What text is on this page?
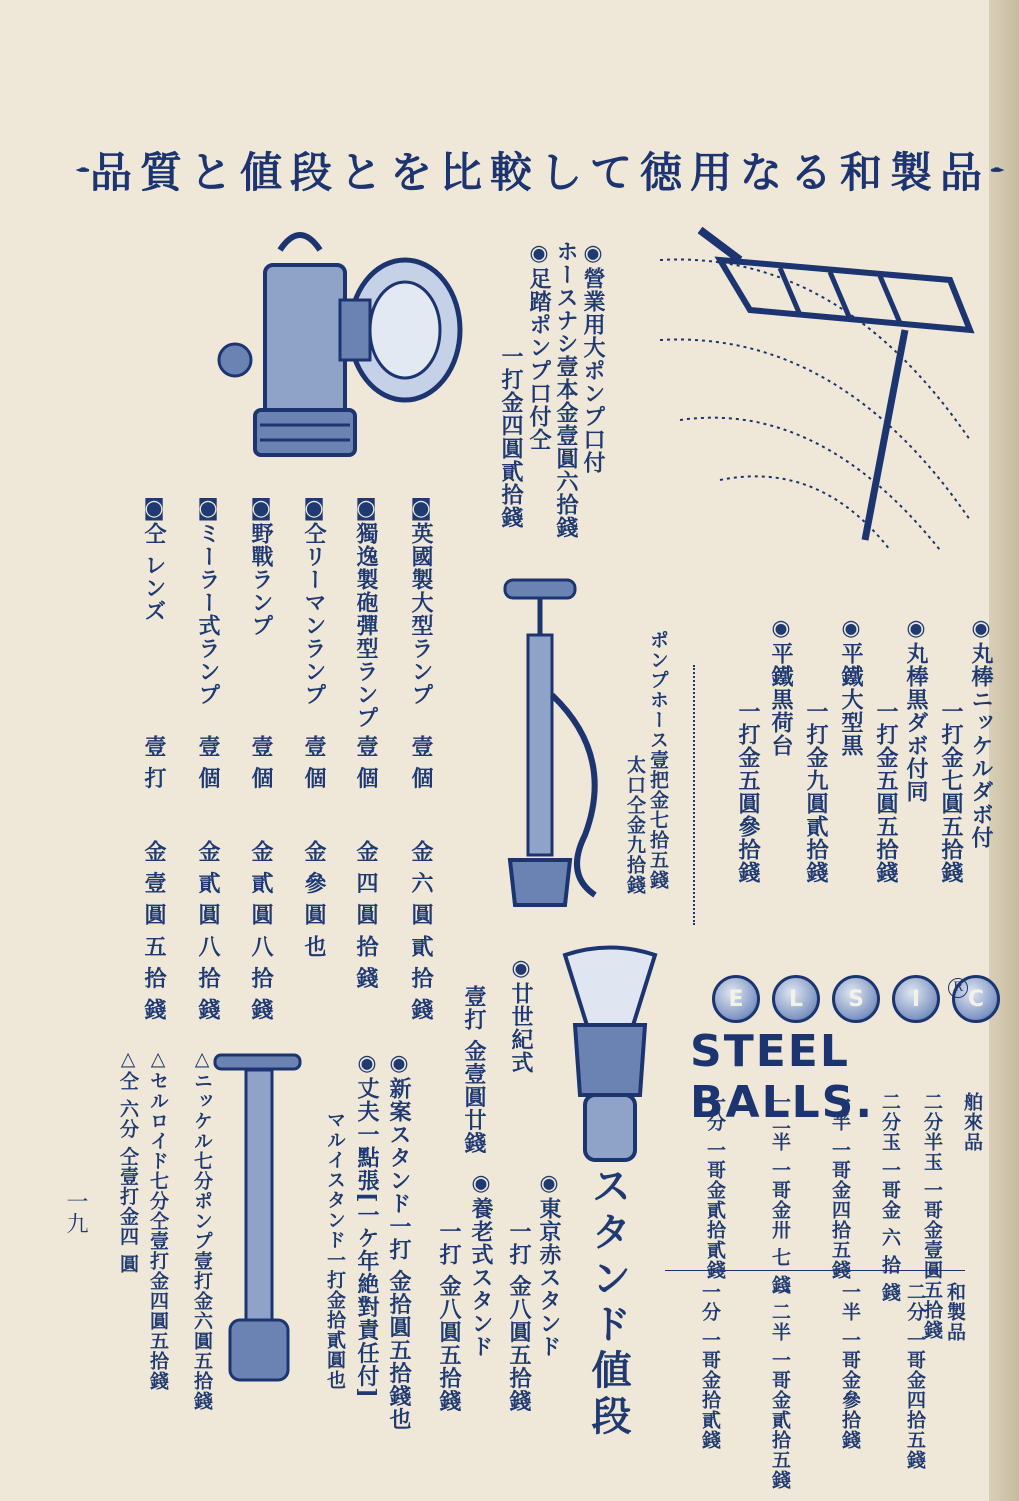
品質と値段とを比較して徳用なる和製品
◉營業用大ポンプ口付
ホースナシ壹本金壹圓六拾錢
◉足踏ポンプ口付仝
一打金四圓貳拾錢
ポンプホース壹把金七拾五錢
太口仝金九拾錢	◉丸棒ニッケルダボ付
一打金七圓五拾錢
◉丸棒黒ダボ付同
一打金五圓五拾錢
◉平鐵大型黒
一打金九圓貳拾錢
◉平鐵黒荷台
一打金五圓參拾錢
◙英國製大型ランプ
壹 個
金 六 圓 貳 拾 錢
◙獨逸製砲彈型ランプ
壹 個
金 四 圓 拾 錢
◙仝リーマンランプ
壹 個
金 參 圓 也
◙野戰ランプ
壹 個
金 貳 圓 八 拾 錢
◙ミーラー式ランプ
壹 個
金 貳 圓 八 拾 錢
◙仝 レンズ
壹 打
金 壹 圓 五 拾 錢	◉廿世紀式
壹打 金壹圓廿錢
スタンド値段
◉東京赤スタンド
一打 金八圓五拾錢
◉養老式スタンド
一打 金八圓五拾錢
◉新案スタンド一打 金拾圓五拾錢也
◉丈夫一點張[一ケ年絶對責任付]
マルイスタンド一打金拾貳圓也
△ニッケル七分ポンプ壹打金六圓五拾錢
△セルロイド七分仝壹打金四圓五拾錢
△仝 六分 仝壹打金四 圓
E	L	S	I	C
R
STEEL BALLS.	舶來品
二分半玉 一哥金壹圓五拾錢
二分玉 一哥金 六 拾 錢
一半 一哥金四拾五錢
一二半 一哥金卅 七 錢
一分 一哥金貳拾貳錢
和製品
二分 一哥金四拾五錢
一半 一哥金參拾錢
一二半 一哥金貳拾五錢
一分 一哥金拾貳錢
一九
